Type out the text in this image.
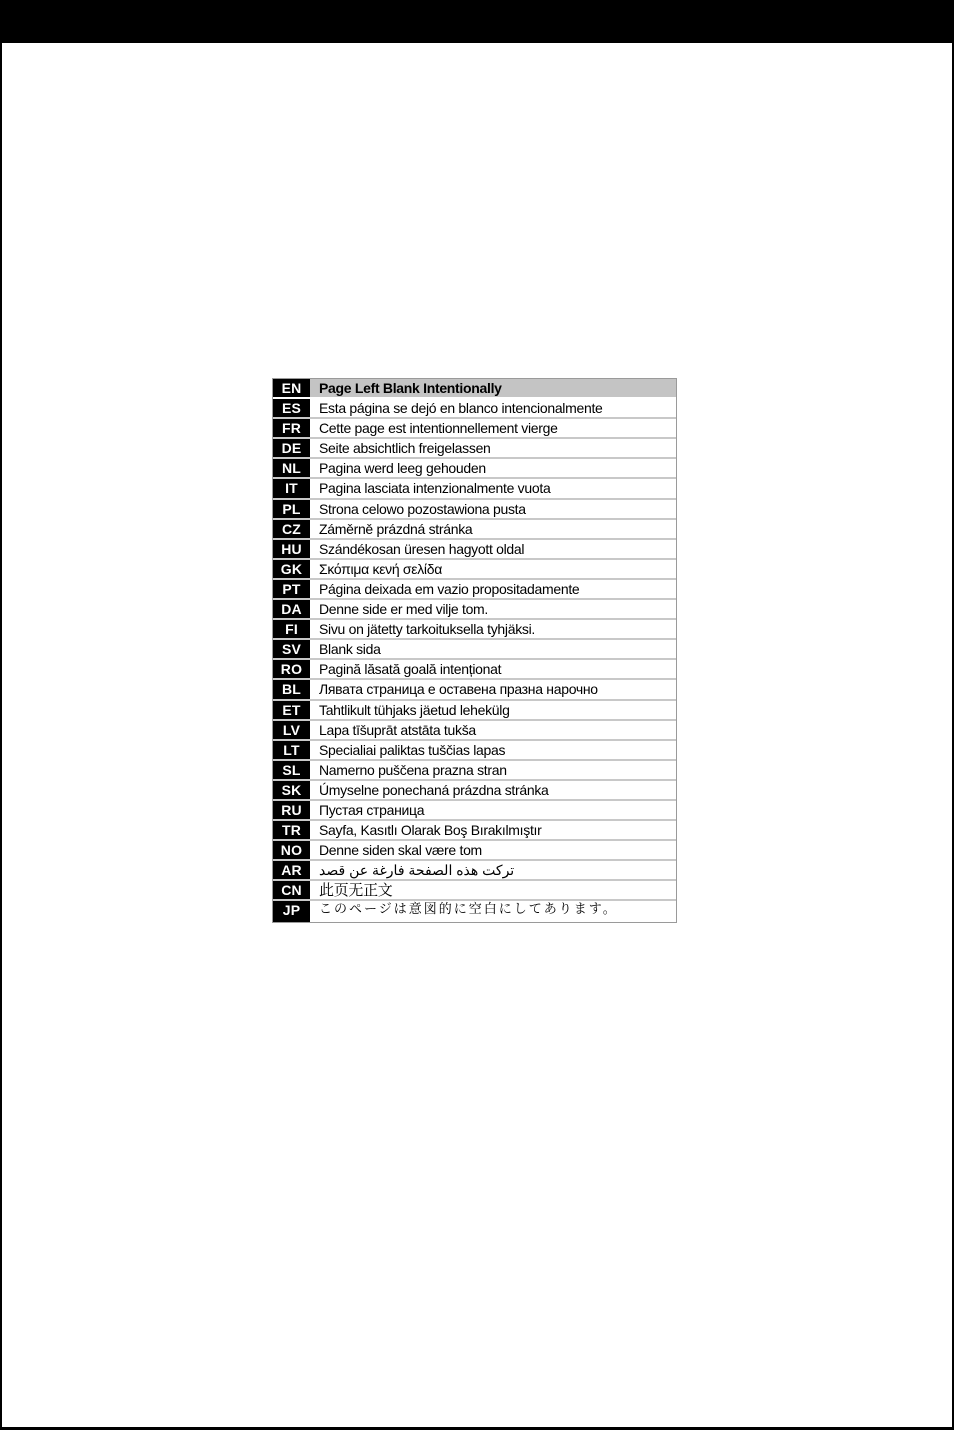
EN	Page Left Blank Intentionally
ES	Esta página se dejó en blanco intencionalmente
FR	Cette page est intentionnellement vierge
DE	Seite absichtlich freigelassen
NL	Pagina werd leeg gehouden
IT	Pagina lasciata intenzionalmente vuota
PL	Strona celowo pozostawiona pusta
CZ	Záměrně prázdná stránka
HU	Szándékosan üresen hagyott oldal
GK	Σκόπιμα κενή σελίδα
PT	Página deixada em vazio propositadamente
DA	Denne side er med vilje tom.
FI	Sivu on jätetty tarkoituksella tyhjäksi.
SV	Blank sida
RO	Pagină lăsată goală intenționat
BL	Лявата страница е оставена празна нарочно
ET	Tahtlikult tühjaks jäetud lehekülg
LV	Lapa tīšuprāt atstāta tukša
LT	Specialiai paliktas tuščias lapas
SL	Namerno puščena prazna stran
SK	Úmyselne ponechaná prázdna stránka
RU	Пустая страница
TR	Sayfa, Kasıtlı Olarak Boş Bırakılmıştır
NO	Denne siden skal være tom
AR	تركت هذه الصفحة فارغة عن قصد
CN	此页无正文
JP	このページは意図的に空白にしてあります。
